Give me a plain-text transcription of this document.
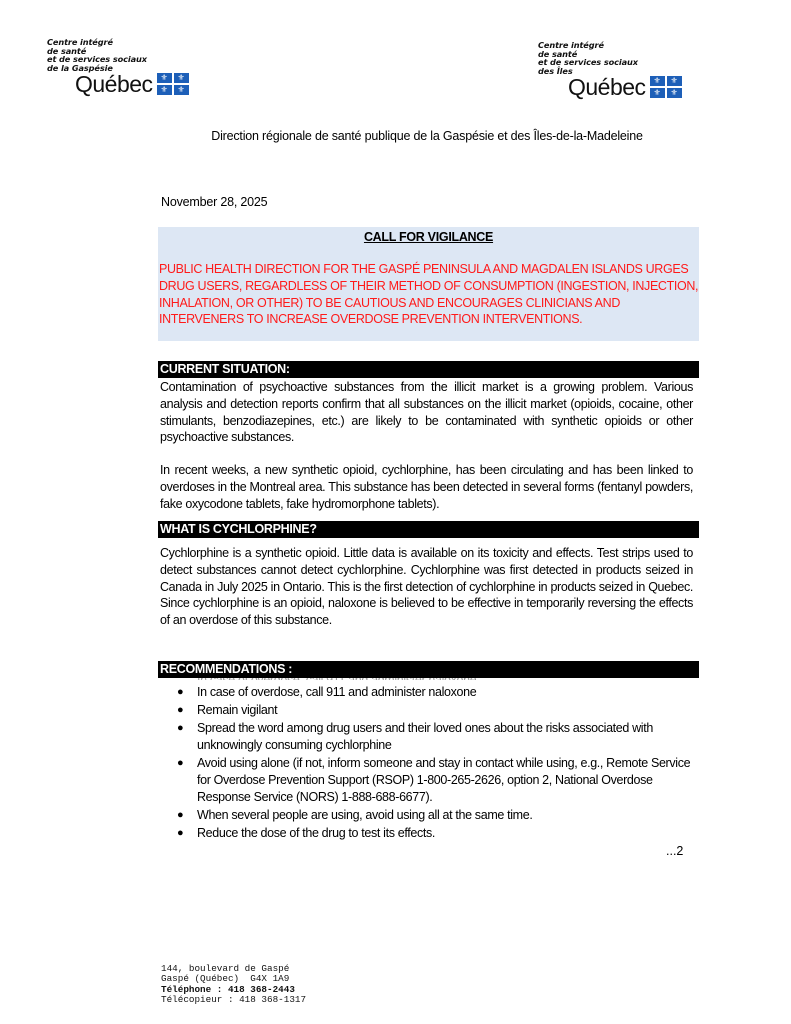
Centre intégré
de santé
et de services sociaux
de la Gaspésie
Québec ⚜	⚜
⚜	⚜
Centre intégré
de santé
et de services sociaux
des Îles
Québec ⚜	⚜
⚜	⚜
Direction régionale de santé publique de la Gaspésie et des Îles-de-la-Madeleine
November 28, 2025
CALL FOR VIGILANCE
PUBLIC HEALTH DIRECTION FOR THE GASPÉ PENINSULA AND MAGDALEN ISLANDS URGES DRUG USERS, REGARDLESS OF THEIR METHOD OF CONSUMPTION (INGESTION, INJECTION, INHALATION, OR OTHER) TO BE CAUTIOUS AND ENCOURAGES CLINICIANS AND INTERVENERS TO INCREASE OVERDOSE PREVENTION INTERVENTIONS.
CURRENT SITUATION:
Contamination of psychoactive substances from the illicit market is a growing problem. Various analysis and detection reports confirm that all substances on the illicit market (opioids, cocaine, other stimulants, benzodiazepines, etc.) are likely to be contaminated with synthetic opioids or other psychoactive substances.
In recent weeks, a new synthetic opioid, cychlorphine, has been circulating and has been linked to overdoses in the Montreal area. This substance has been detected in several forms (fentanyl powders, fake oxycodone tablets, fake hydromorphone tablets).
WHAT IS CYCHLORPHINE?
Cychlorphine is a synthetic opioid. Little data is available on its toxicity and effects. Test strips used to detect substances cannot detect cychlorphine. Cychlorphine was first detected in products seized in Canada in July 2025 in Ontario. This is the first detection of cychlorphine in products seized in Quebec. Since cychlorphine is an opioid, naloxone is believed to be effective in temporarily reversing the effects of an overdose of this substance.
RECOMMENDATIONS :
● In case of overdose, call 911 and administer naloxone
● Remain vigilant
● Spread the word among drug users and their loved ones about the risks associated with unknowingly consuming cychlorphine
● Avoid using alone (if not, inform someone and stay in contact while using, e.g., Remote Service for Overdose Prevention Support (RSOP) 1-800-265-2626, option 2, National Overdose Response Service (NORS) 1-888-688-6677).
● When several people are using, avoid using all at the same time.
● Reduce the dose of the drug to test its effects.
...2
144, boulevard de Gaspé
Gaspé (Québec)  G4X 1A9
Téléphone : 418 368-2443
Télécopieur : 418 368-1317
